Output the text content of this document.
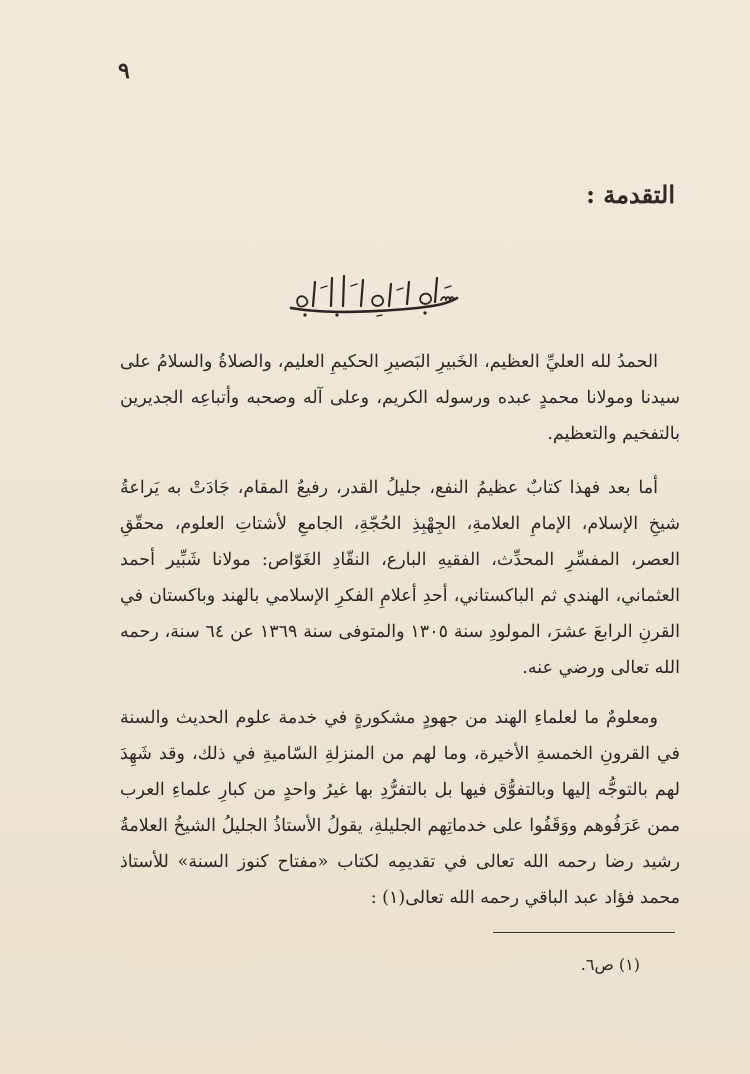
٩
التقدمة :

الحمدُ لله العليِّ العظيم، الخَبيرِ البَصيرِ الحكيمِ العليم، والصلاةُ والسلامُ على سيدنا ومولانا محمدٍ عبده ورسوله الكريم، وعلى آله وصحبه وأتباعِه الجديرين بالتفخيم والتعظيم.

أما بعد فهذا كتابٌ عظيمُ النفع، جليلُ القدر، رفيعُ المقام، جَادَتْ به يَراعةُ شيخِ الإسلام، الإمامِ العلامةِ، الجِهْبِذِ الحُجّةِ، الجامعِ لأشتاتِ العلوم، محقّقِ العصر، المفسِّرِ المحدِّث، الفقيهِ البارع، النقّادِ الغَوّاص: مولانا شَبِّير أحمد العثماني، الهندي ثم الباكستاني، أحدِ أعلامِ الفكرِ الإسلامي بالهند وباكستان في القرنِ الرابعَ عشرَ، المولودِ سنة ١٣٠٥ والمتوفى سنة ١٣٦٩ عن ٦٤ سنة، رحمه الله تعالى ورضي عنه.

ومعلومٌ ما لعلماءِ الهند من جهودٍ مشكورةٍ في خدمة علوم الحديث والسنة في القرونِ الخمسةِ الأخيرة، وما لهم من المنزلةِ السّاميةِ في ذلك، وقد شَهِدَ لهم بالتوجُّه إليها وبالتفوُّق فيها بل بالتفرُّدِ بها غيرُ واحدٍ من كبارِ علماءِ العرب ممن عَرَفُوهم ووَقَفُوا على خدماتِهم الجليلةِ، يقولُ الأستاذُ الجليلُ الشيخُ العلامةُ رشيد رضا رحمه الله تعالى في تقديمِه لكتاب «مفتاح كنوز السنة» للأستاذ محمد فؤاد عبد الباقي رحمه الله تعالى(١) :

(١) ص٦.
